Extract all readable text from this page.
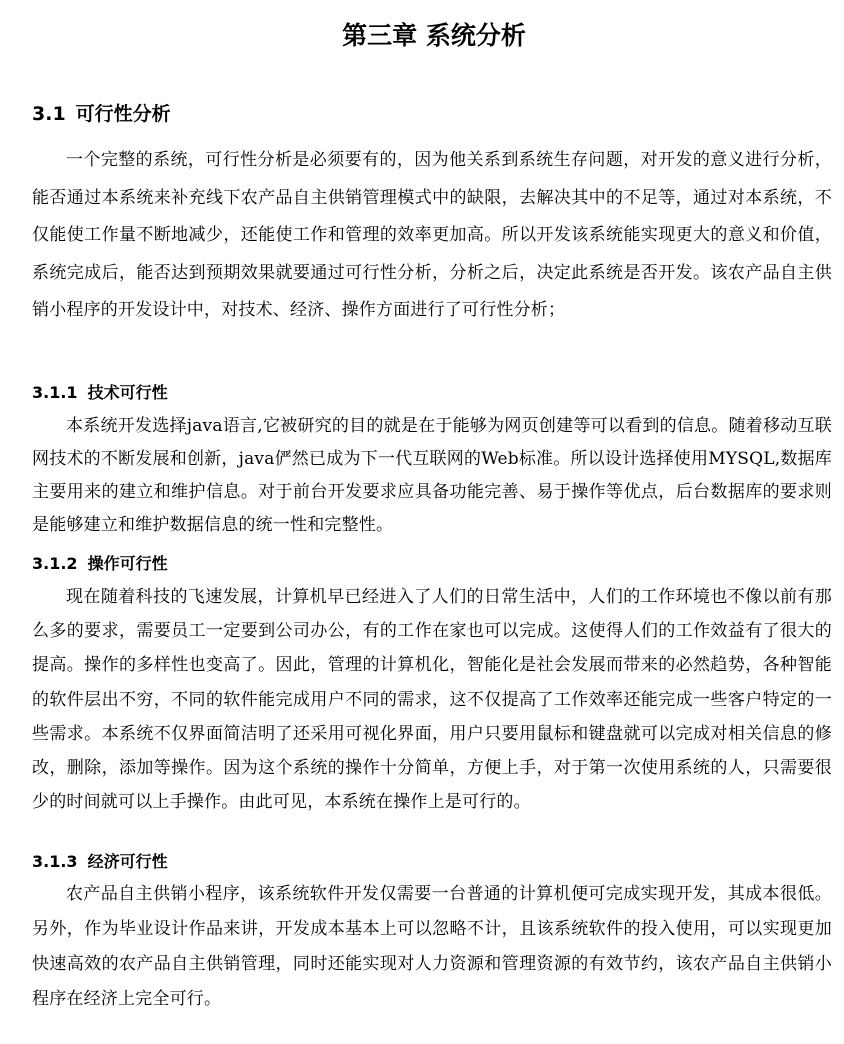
第三章 系统分析
3.1 可行性分析

一个完整的系统，可行性分析是必须要有的，因为他关系到系统生存问题，对开发的意义进行分析，能否通过本系统来补充线下农产品自主供销管理模式中的缺限，去解决其中的不足等，通过对本系统，不仅能使工作量不断地减少，还能使工作和管理的效率更加高。所以开发该系统能实现更大的意义和价值， 系统完成后，能否达到预期效果就要通过可行性分析，分析之后，决定此系统是否开发。该农产品自主供销小程序的开发设计中，对技术、经济、操作方面进行了可行性分析；

3.1.1 技术可行性

本系统开发选择java语言,它被研究的目的就是在于能够为网页创建等可以看到的信息。随着移动互联网技术的不断发展和创新，java俨然已成为下一代互联网的Web标准。所以设计选择使用MYSQL,数据库主要用来的建立和维护信息。对于前台开发要求应具备功能完善、易于操作等优点，后台数据库的要求则是能够建立和维护数据信息的统一性和完整性。

3.1.2 操作可行性

现在随着科技的飞速发展，计算机早已经进入了人们的日常生活中，人们的工作环境也不像以前有那么多的要求，需要员工一定要到公司办公，有的工作在家也可以完成。这使得人们的工作效益有了很大的提高。操作的多样性也变高了。因此，管理的计算机化，智能化是社会发展而带来的必然趋势，各种智能的软件层出不穷，不同的软件能完成用户不同的需求，这不仅提高了工作效率还能完成一些客户特定的一些需求。本系统不仅界面简洁明了还采用可视化界面，用户只要用鼠标和键盘就可以完成对相关信息的修改，删除，添加等操作。因为这个系统的操作十分简单，方便上手，对于第一次使用系统的人，只需要很少的时间就可以上手操作。由此可见，本系统在操作上是可行的。

3.1.3 经济可行性

农产品自主供销小程序，该系统软件开发仅需要一台普通的计算机便可完成实现开发，其成本很低。另外，作为毕业设计作品来讲，开发成本基本上可以忽略不计，且该系统软件的投入使用，可以实现更加快速高效的农产品自主供销管理，同时还能实现对人力资源和管理资源的有效节约，该农产品自主供销小程序在经济上完全可行。
